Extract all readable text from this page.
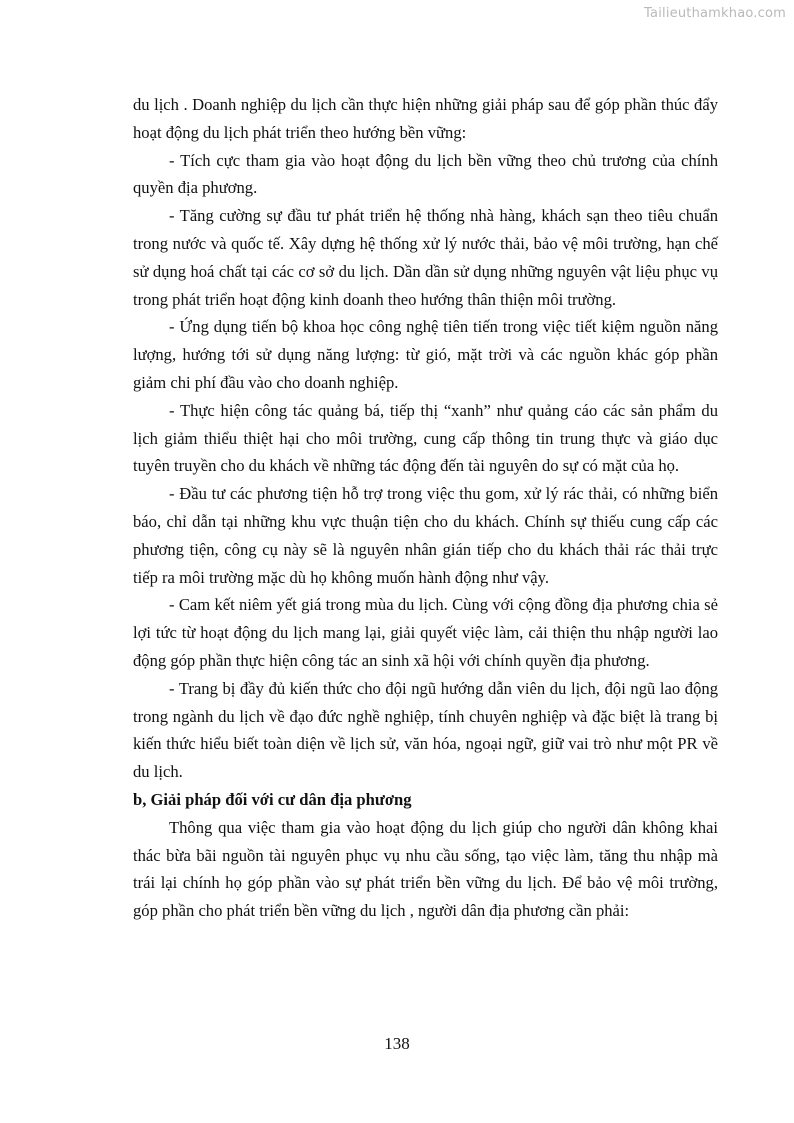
Tailieuthamkhao.com

du lịch . Doanh nghiệp du lịch cần thực hiện những giải pháp sau để góp phần thúc đẩy hoạt động du lịch phát triển theo hướng bền vững:

- Tích cực tham gia vào hoạt động du lịch bền vững theo chủ trương của chính quyền địa phương.

- Tăng cường sự đầu tư phát triển hệ thống nhà hàng, khách sạn theo tiêu chuẩn trong nước và quốc tế. Xây dựng hệ thống xử lý nước thải, bảo vệ môi trường, hạn chế sử dụng hoá chất tại các cơ sở du lịch. Dần dần sử dụng những nguyên vật liệu phục vụ trong phát triển hoạt động kinh doanh theo hướng thân thiện môi trường.

- Ứng dụng tiến bộ khoa học công nghệ tiên tiến trong việc tiết kiệm nguồn năng lượng, hướng tới sử dụng năng lượng: từ gió, mặt trời và các nguồn khác góp phần giảm chi phí đầu vào cho doanh nghiệp.

- Thực hiện công tác quảng bá, tiếp thị “xanh” như quảng cáo các sản phẩm du lịch giảm thiểu thiệt hại cho môi trường, cung cấp thông tin trung thực và giáo dục tuyên truyền cho du khách về những tác động đến tài nguyên do sự có mặt của họ.

- Đầu tư các phương tiện hỗ trợ trong việc thu gom, xử lý rác thải, có những biển báo, chỉ dẫn tại những khu vực thuận tiện cho du khách. Chính sự thiếu cung cấp các phương tiện, công cụ này sẽ là nguyên nhân gián tiếp cho du khách thải rác thải trực tiếp ra môi trường mặc dù họ không muốn hành động như vậy.

- Cam kết niêm yết giá trong mùa du lịch. Cùng với cộng đồng địa phương chia sẻ lợi tức từ hoạt động du lịch mang lại, giải quyết việc làm, cải thiện thu nhập người lao động góp phần thực hiện công tác an sinh xã hội với chính quyền địa phương.

- Trang bị đầy đủ kiến thức cho đội ngũ hướng dẫn viên du lịch, đội ngũ lao động trong ngành du lịch về đạo đức nghề nghiệp, tính chuyên nghiệp và đặc biệt là trang bị kiến thức hiểu biết toàn diện về lịch sử, văn hóa, ngoại ngữ, giữ vai trò như một PR về du lịch.

b, Giải pháp đối với cư dân địa phương

Thông qua việc tham gia vào hoạt động du lịch giúp cho người dân không khai thác bừa bãi nguồn tài nguyên phục vụ nhu cầu sống, tạo việc làm, tăng thu nhập mà trái lại chính họ góp phần vào sự phát triển bền vững du lịch. Để bảo vệ môi trường, góp phần cho phát triển bền vững du lịch , người dân địa phương cần phải:

138
